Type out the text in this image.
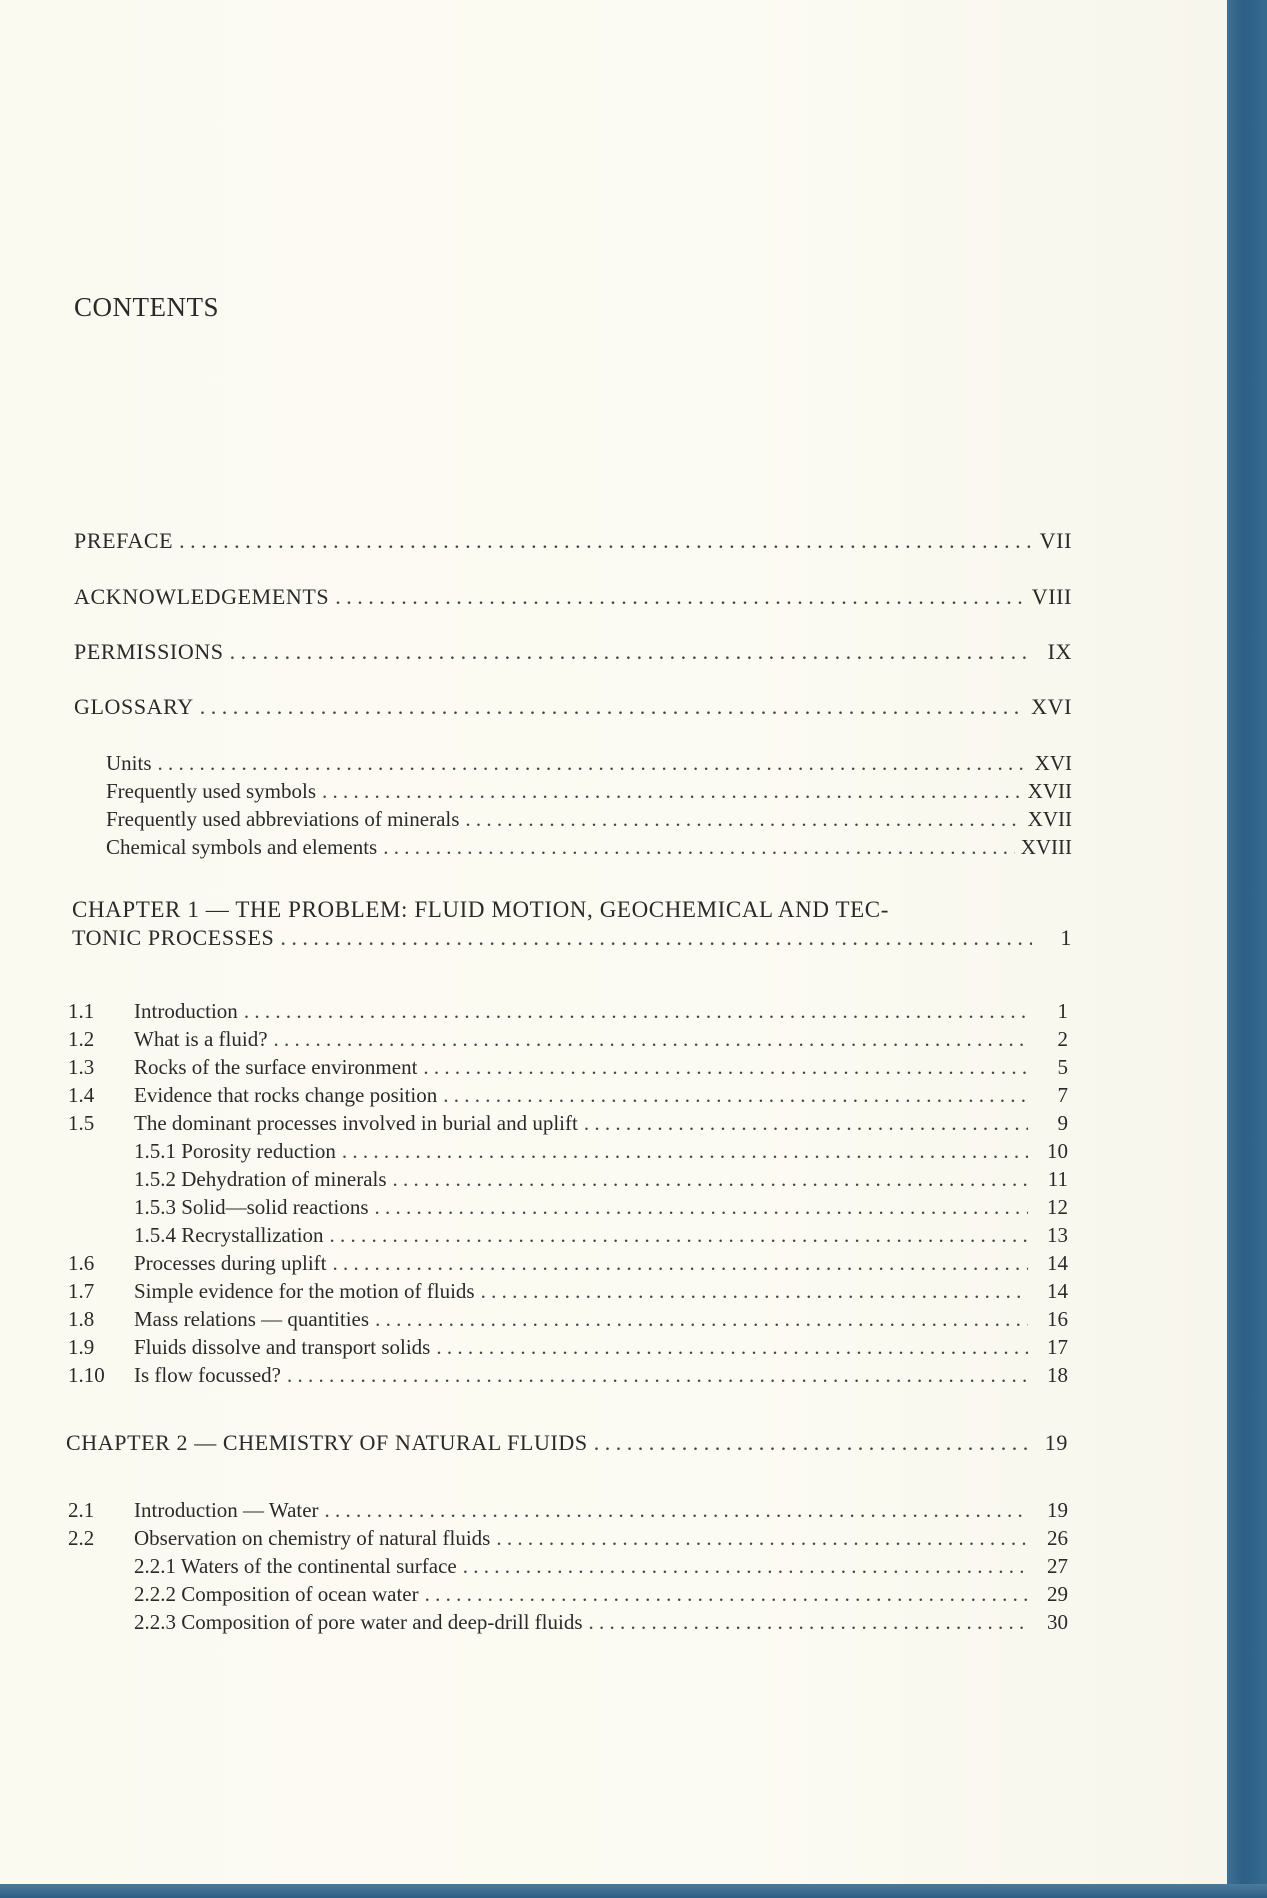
CONTENTS
PREFACE . . .	VII
ACKNOWLEDGEMENTS . . .	VIII
PERMISSIONS . . .	IX
GLOSSARY . . .	XVI
Units . . .	XVI
Frequently used symbols . . .	XVII
Frequently used abbreviations of minerals . . .	XVII
Chemical symbols and elements . . .	XVIII
CHAPTER 1 — THE PROBLEM: FLUID MOTION, GEOCHEMICAL AND TEC-
TONIC PROCESSES . . .	1
1.1	Introduction . . .	1
1.2	What is a fluid? . . .	2
1.3	Rocks of the surface environment . . .	5
1.4	Evidence that rocks change position . . .	7
1.5	The dominant processes involved in burial and uplift . . .	9
1.5.1 Porosity reduction . . .	10
1.5.2 Dehydration of minerals . . .	11
1.5.3 Solid—solid reactions . . .	12
1.5.4 Recrystallization . . .	13
1.6	Processes during uplift . . .	14
1.7	Simple evidence for the motion of fluids . . .	14
1.8	Mass relations — quantities . . .	16
1.9	Fluids dissolve and transport solids . . .	17
1.10	Is flow focussed? . . .	18
CHAPTER 2 — CHEMISTRY OF NATURAL FLUIDS . . .	19
2.1	Introduction — Water . . .	19
2.2	Observation on chemistry of natural fluids . . .	26
2.2.1 Waters of the continental surface . . .	27
2.2.2 Composition of ocean water . . .	29
2.2.3 Composition of pore water and deep-drill fluids . . .	30
